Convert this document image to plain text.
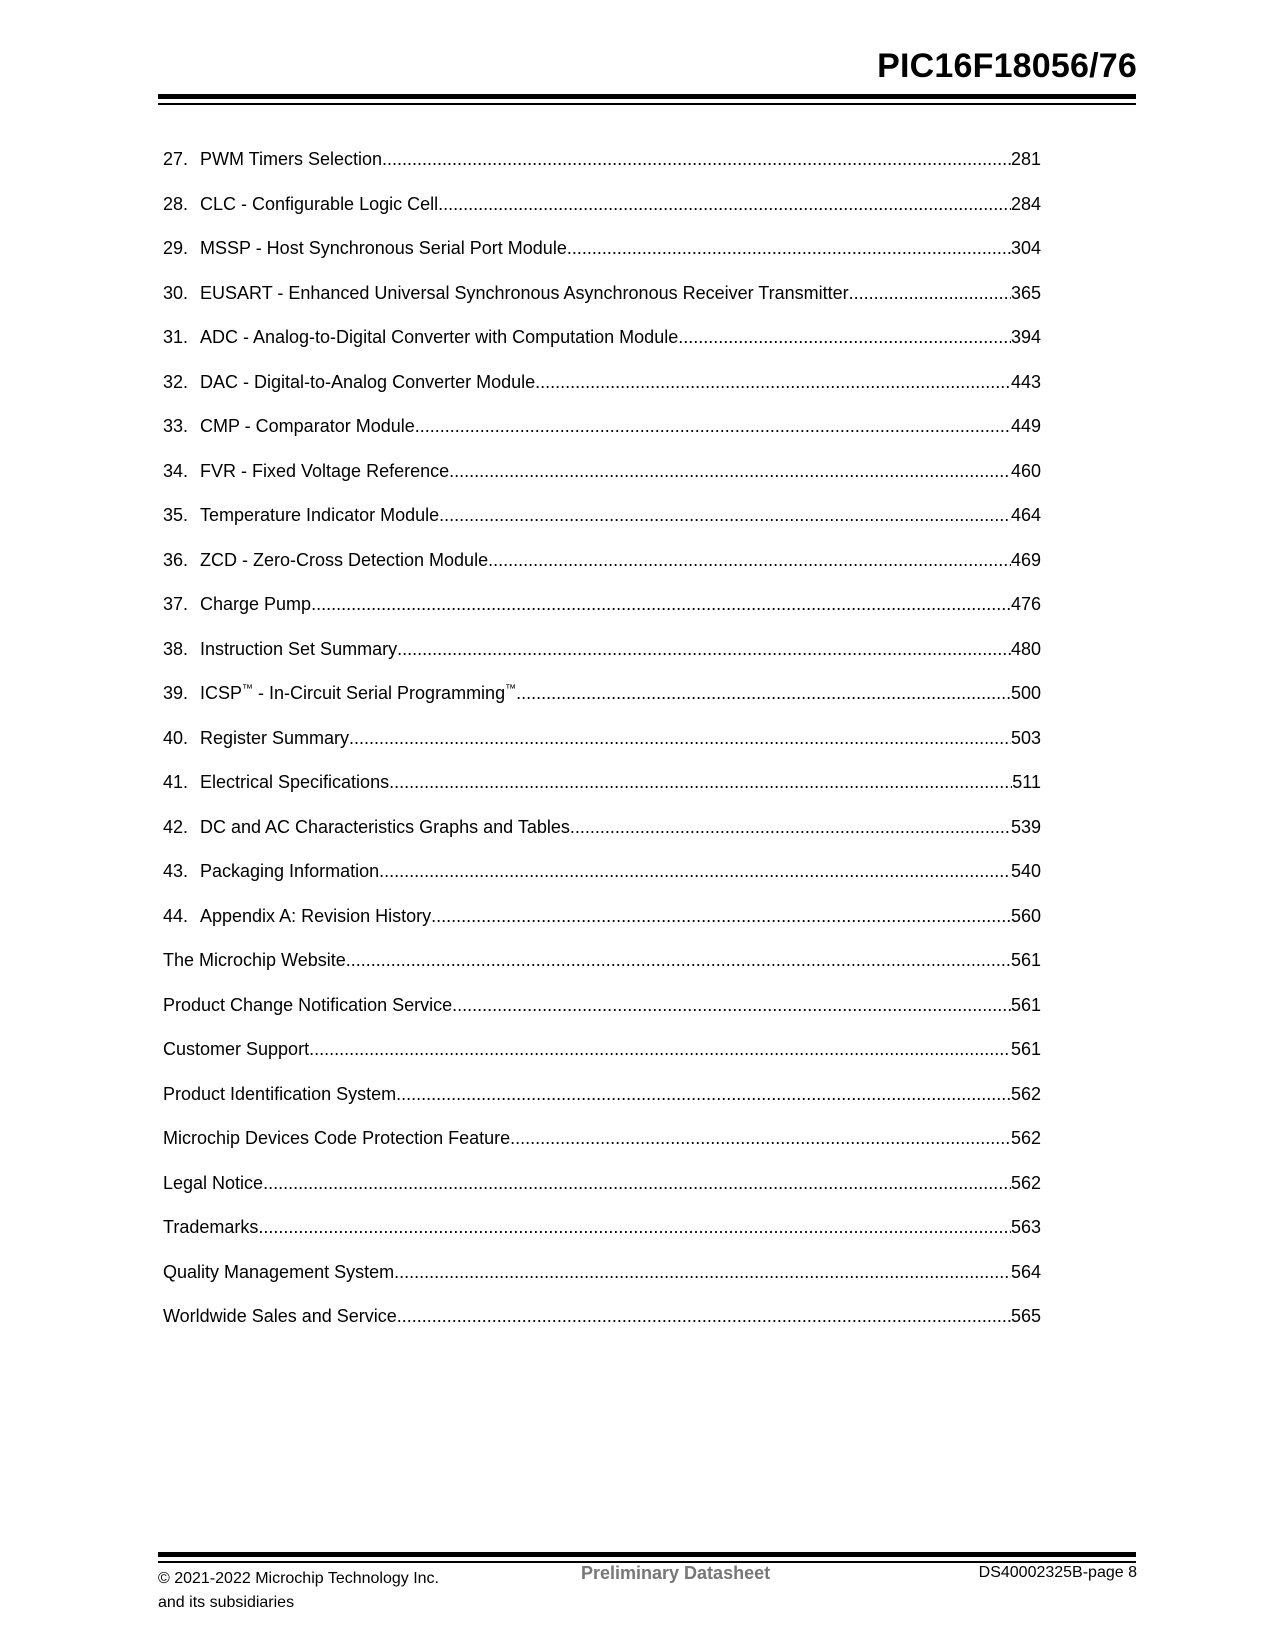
PIC16F18056/76
27. PWM Timers Selection .....	281
28. CLC - Configurable Logic Cell .....	284
29. MSSP - Host Synchronous Serial Port Module .....	304
30. EUSART - Enhanced Universal Synchronous Asynchronous Receiver Transmitter .....	365
31. ADC - Analog-to-Digital Converter with Computation Module .....	394
32. DAC - Digital-to-Analog Converter Module .....	443
33. CMP - Comparator Module .....	449
34. FVR - Fixed Voltage Reference .....	460
35. Temperature Indicator Module .....	464
36. ZCD - Zero-Cross Detection Module .....	469
37. Charge Pump .....	476
38. Instruction Set Summary .....	480
39. ICSP™ - In-Circuit Serial Programming™ .....	500
40. Register Summary .....	503
41. Electrical Specifications .....	511
42. DC and AC Characteristics Graphs and Tables .....	539
43. Packaging Information .....	540
44. Appendix A: Revision History .....	560
The Microchip Website .....	561
Product Change Notification Service .....	561
Customer Support .....	561
Product Identification System .....	562
Microchip Devices Code Protection Feature .....	562
Legal Notice .....	562
Trademarks .....	563
Quality Management System .....	564
Worldwide Sales and Service .....	565
© 2021-2022 Microchip Technology Inc.
and its subsidiaries
Preliminary Datasheet	DS40002325B-page 8
